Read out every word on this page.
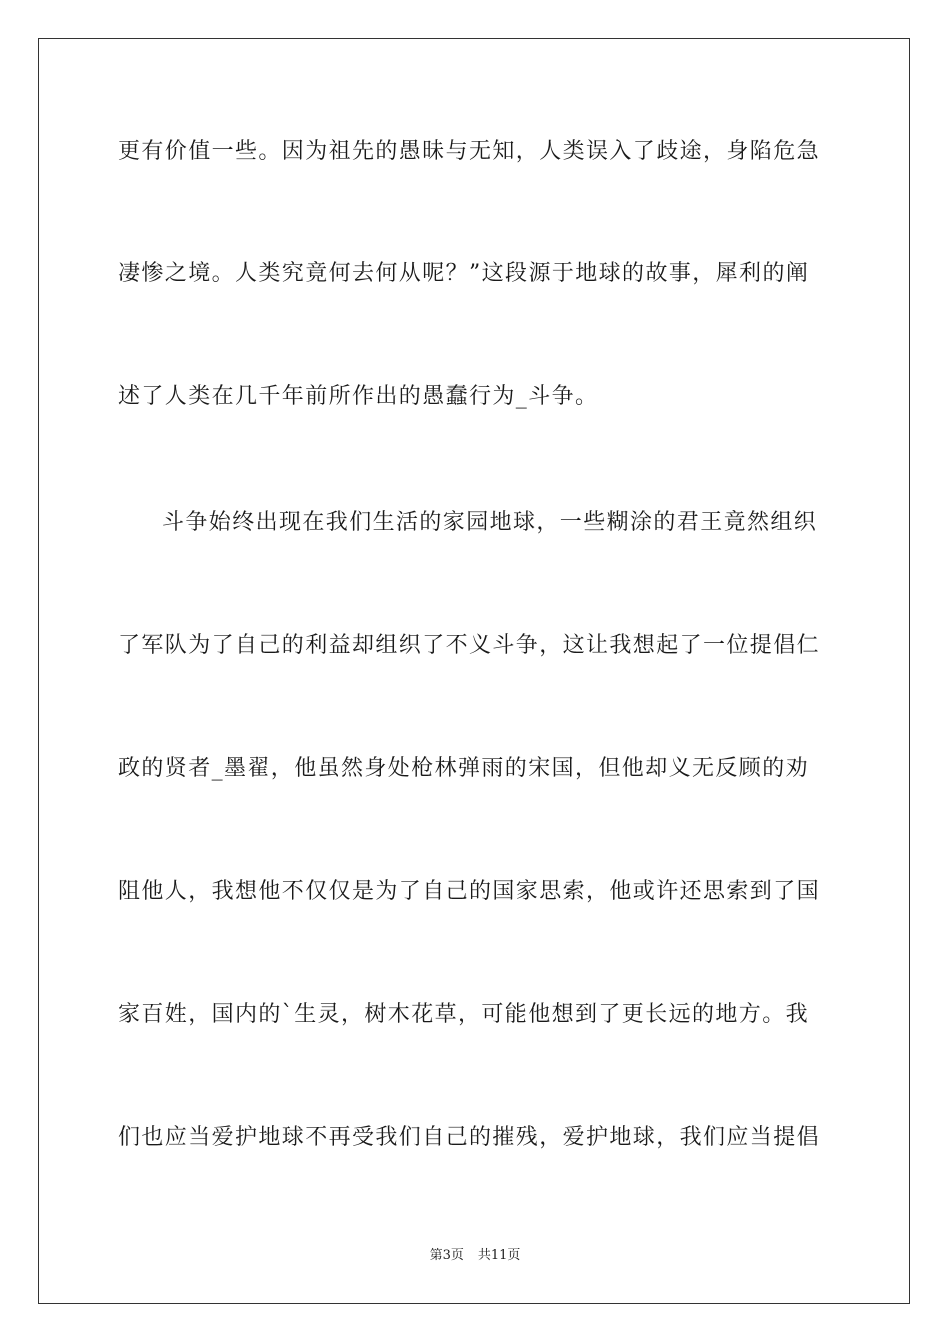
更有价值一些。因为祖先的愚昧与无知，人类误入了歧途，身陷危急
凄惨之境。人类究竟何去何从呢？”这段源于地球的故事，犀利的阐
述了人类在几千年前所作出的愚蠢行为_斗争。
斗争始终出现在我们生活的家园地球，一些糊涂的君王竟然组织
了军队为了自己的利益却组织了不义斗争，这让我想起了一位提倡仁
政的贤者_墨翟，他虽然身处枪林弹雨的宋国，但他却义无反顾的劝
阻他人，我想他不仅仅是为了自己的国家思索，他或许还思索到了国
家百姓，国内的`生灵，树木花草，可能他想到了更长远的地方。我
们也应当爱护地球不再受我们自己的摧残，爱护地球，我们应当提倡
第3页 共11页
